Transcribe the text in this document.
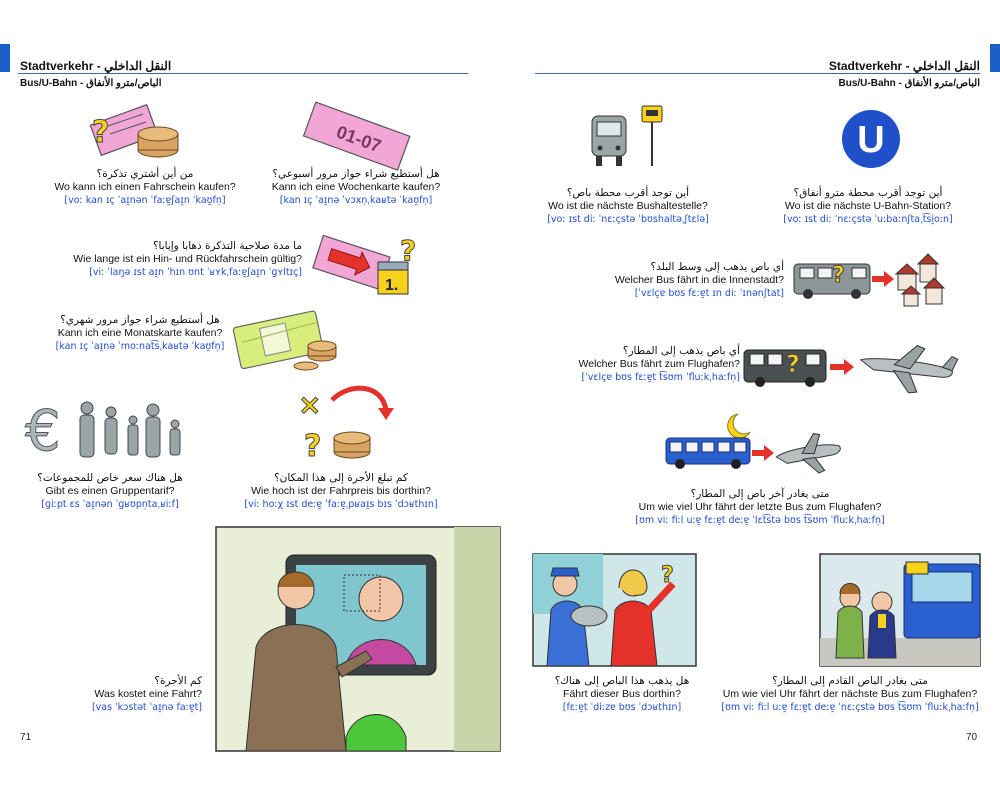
Stadtverkehr - النقل الداخلي
Bus/U-Bahn - الباص/مترو الأنفاق
?
من أين أشتري تذكرة؟
Wo kann ich einen Fahrschein kaufen?
[voː kan ɪç ˈaɪ̯nən ˈfaːɐ̯ʃaɪ̯n ˈkaʊ̯fn̩]
01-07
هل أستطيع شراء جواز مرور أسبوعي؟
Kann ich eine Wochenkarte kaufen?
[kan ɪç ˈaɪ̯nə ˈvɔxn̩ˌkaʁtə ˈkaʊ̯fn̩]
ما مدة صلاحية التذكرة ذهابا وإيابا؟
Wie lange ist ein Hin- und Rückfahrschein gültig?
[viː ˈlaŋə ɪst aɪ̯n ˈhɪn ʊnt ˈʁʏkˌfaːɐ̯ʃaɪ̯n ˈɡʏltɪç]
1.
?
هل أستطيع شراء جواز مرور شهري؟
Kann ich eine Monatskarte kaufen?
[kan ɪç ˈaɪ̯nə ˈmoːnat͡sˌkaʁtə ˈkaʊ̯fn̩]
€	×
?
هل هناك سعر خاص للمجموعات؟
Gibt es einen Gruppentarif?
[ɡiːpt ɛs ˈaɪ̯nən ˈɡʁʊpn̩taˌʁiːf]
كم تبلغ الأجرة إلى هذا المكان؟
Wie hoch ist der Fahrpreis bis dorthin?
[viː hoːχ ɪst deːɐ̯ ˈfaːɐ̯ˌpʁaɪ̯s bɪs ˈdɔʁthɪn]
كم الأجرة؟
Was kostet eine Fahrt?
[vas ˈkɔstət ˈaɪ̯nə faːɐ̯t]
71
Stadtverkehr - النقل الداخلي
Bus/U-Bahn - الباص/مترو الأنفاق
U
أين توجد أقرب محطة باص؟
Wo ist die nächste Bushaltestelle?
[voː ɪst diː ˈnɛːçstə ˈbʊshaltəˌʃtɛlə]
أين توجد أقرب محطة مترو أنفاق؟
Wo ist die nächste U-Bahn-Station?
[voː ɪst diː ˈnɛːçstə ˈuːbaːnʃtaˌt͡si̯oːn]
أي باص يذهب إلى وسط البلد؟
Welcher Bus fährt in die Innenstadt?
[ˈvɛlçɐ bʊs fɛːɐ̯t ɪn diː ˈɪnənʃtat]
?
أي باص يذهب إلى المطار؟
Welcher Bus fährt zum Flughafen?
[ˈvɛlçɐ bʊs fɛːɐ̯t t͡sʊm ˈfluːkˌhaːfn̩] ?
متى يغادر آخر باص إلى المطار؟
Um wie viel Uhr fährt der letzte Bus zum Flughafen?
[ʊm viː fiːl uːɐ̯ fɛːɐ̯t deːɐ̯ ˈlɛt͡stə bʊs t͡sʊm ˈfluːkˌhaːfn̩]
?
هل يذهب هذا الباص إلى هناك؟
Fährt dieser Bus dorthin?
[fɛːɐ̯t ˈdiːzɐ bʊs ˈdɔʁthɪn]
متى يغادر الباص القادم إلى المطار؟
Um wie viel Uhr fährt der nächste Bus zum Flughafen?
[ʊm viː fiːl uːɐ̯ fɛːɐ̯t deːɐ̯ ˈnɛːçstə bʊs t͡sʊm ˈfluːkˌhaːfn̩]
70
